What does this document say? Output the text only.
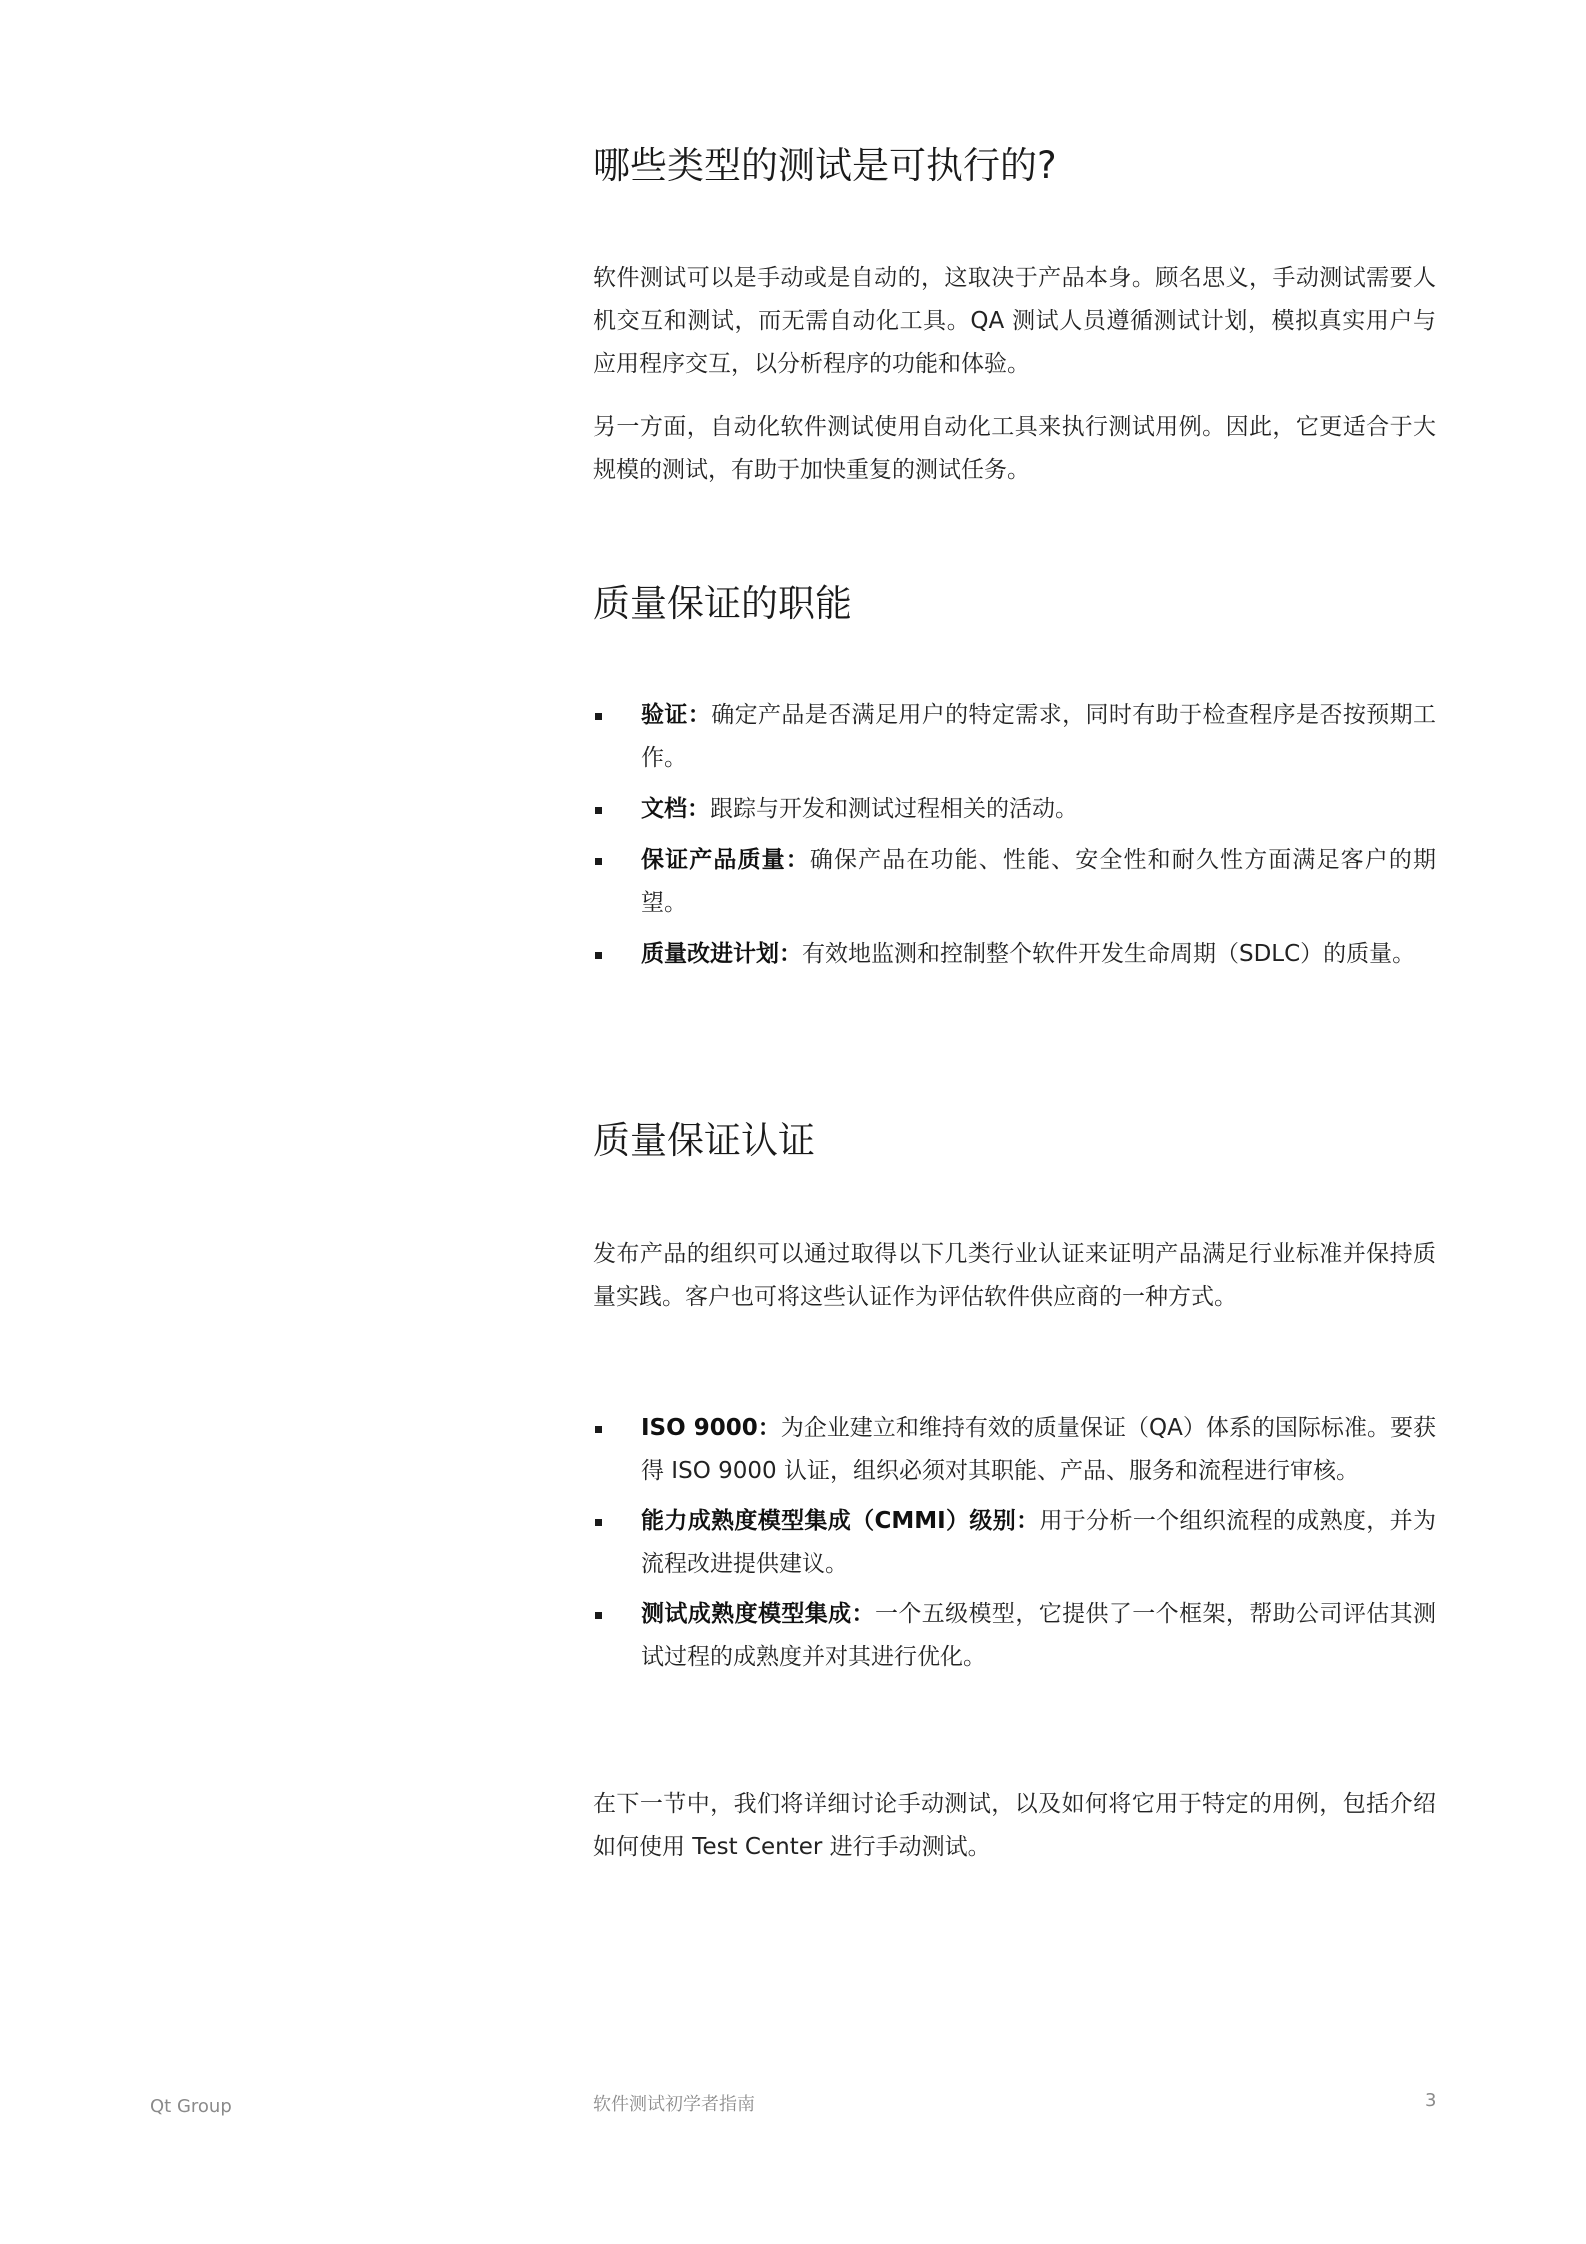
哪些类型的测试是可执行的?

软件测试可以是手动或是自动的，这取决于产品本身。顾名思义，手动测试需要人机交互和测试，而无需自动化工具。QA 测试人员遵循测试计划，模拟真实用户与应用程序交互，以分析程序的功能和体验。

另一方面，自动化软件测试使用自动化工具来执行测试用例。因此，它更适合于大规模的测试，有助于加快重复的测试任务。

质量保证的职能
验证：确定产品是否满足用户的特定需求，同时有助于检查程序是否按预期工作。
文档：跟踪与开发和测试过程相关的活动。
保证产品质量：确保产品在功能、性能、安全性和耐久性方面满足客户的期望。
质量改进计划：有效地监测和控制整个软件开发生命周期（SDLC）的质量。
质量保证认证

发布产品的组织可以通过取得以下几类行业认证来证明产品满足行业标准并保持质量实践。客户也可将这些认证作为评估软件供应商的一种方式。

ISO 9000：为企业建立和维持有效的质量保证（QA）体系的国际标准。要获得 ISO 9000 认证，组织必须对其职能、产品、服务和流程进行审核。
能力成熟度模型集成（CMMI）级别：用于分析一个组织流程的成熟度，并为流程改进提供建议。
测试成熟度模型集成：一个五级模型，它提供了一个框架，帮助公司评估其测试过程的成熟度并对其进行优化。

在下一节中，我们将详细讨论手动测试，以及如何将它用于特定的用例，包括介绍如何使用 Test Center 进行手动测试。

Qt Group	软件测试初学者指南	3
